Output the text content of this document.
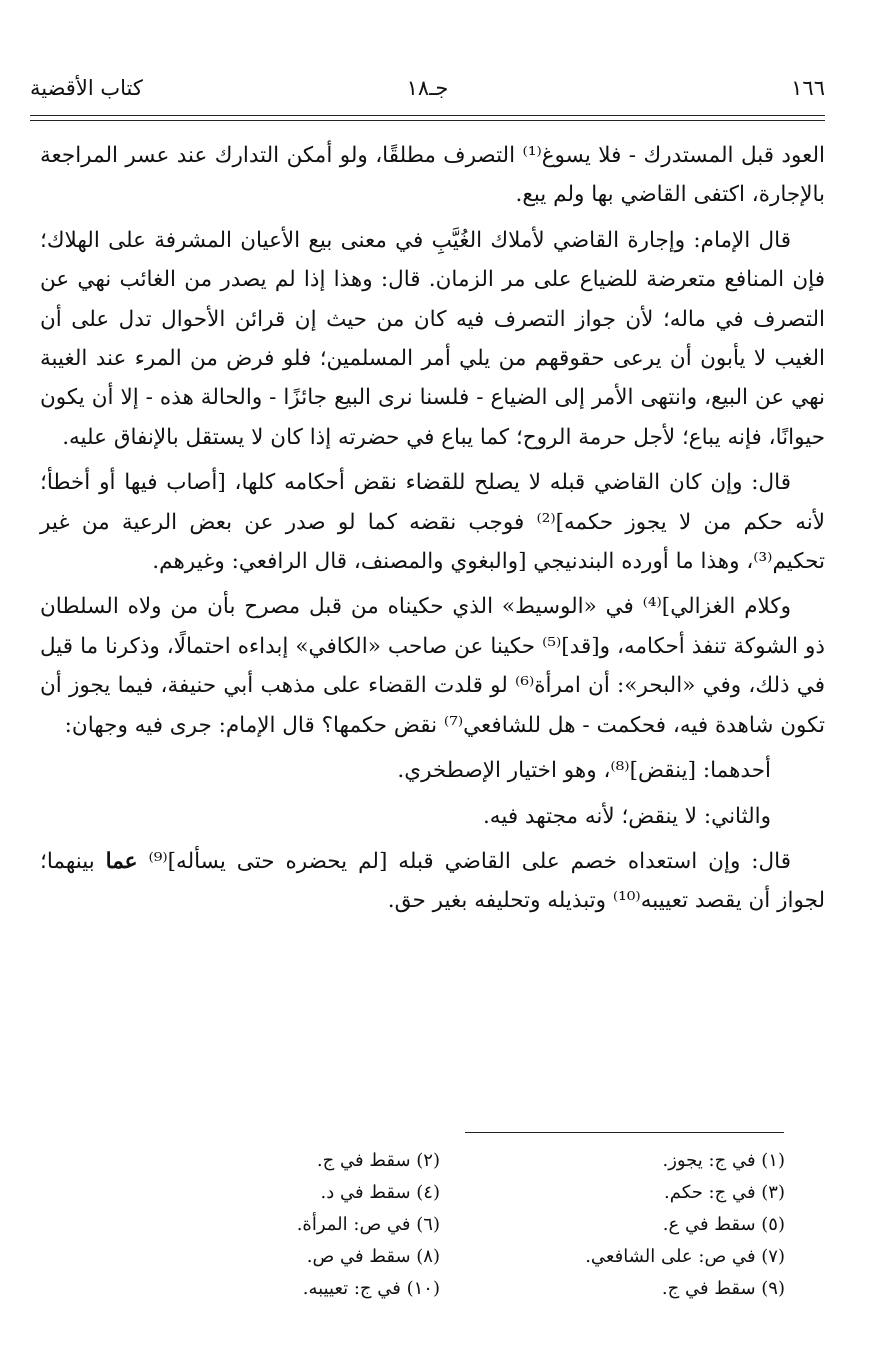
١٦٦
جـ١٨
كتاب الأقضية

العود قبل المستدرك - فلا يسوغ⁽¹⁾ التصرف مطلقًا، ولو أمكن التدارك عند عسر المراجعة بالإجارة، اكتفى القاضي بها ولم يبع.

قال الإمام: وإجارة القاضي لأملاك الغُيَّبِ في معنى بيع الأعيان المشرفة على الهلاك؛ فإن المنافع متعرضة للضياع على مر الزمان. قال: وهذا إذا لم يصدر من الغائب نهي عن التصرف في ماله؛ لأن جواز التصرف فيه كان من حيث إن قرائن الأحوال تدل على أن الغيب لا يأبون أن يرعى حقوقهم من يلي أمر المسلمين؛ فلو فرض من المرء عند الغيبة نهي عن البيع، وانتهى الأمر إلى الضياع - فلسنا نرى البيع جائزًا - والحالة هذه - إلا أن يكون حيوانًا، فإنه يباع؛ لأجل حرمة الروح؛ كما يباع في حضرته إذا كان لا يستقل بالإنفاق عليه.

قال: وإن كان القاضي قبله لا يصلح للقضاء نقض أحكامه كلها، [أصاب فيها أو أخطأ؛ لأنه حكم من لا يجوز حكمه]⁽²⁾ فوجب نقضه كما لو صدر عن بعض الرعية من غير تحكيم⁽³⁾، وهذا ما أورده البندنيجي [والبغوي والمصنف، قال الرافعي: وغيرهم.

وكلام الغزالي]⁽⁴⁾ في «الوسيط» الذي حكيناه من قبل مصرح بأن من ولاه السلطان ذو الشوكة تنفذ أحكامه، و[قد]⁽⁵⁾ حكينا عن صاحب «الكافي» إبداءه احتمالًا، وذكرنا ما قيل في ذلك، وفي «البحر»: أن امرأة⁽⁶⁾ لو قلدت القضاء على مذهب أبي حنيفة، فيما يجوز أن تكون شاهدة فيه، فحكمت - هل للشافعي⁽⁷⁾ نقض حكمها؟ قال الإمام: جرى فيه وجهان:

أحدهما: [ينقض]⁽⁸⁾، وهو اختيار الإصطخري.

والثاني: لا ينقض؛ لأنه مجتهد فيه.

قال: وإن استعداه خصم على القاضي قبله [لم يحضره حتى يسأله]⁽⁹⁾ عما بينهما؛ لجواز أن يقصد تعييبه⁽¹⁰⁾ وتبذيله وتحليفه بغير حق.

(١) في ج: يجوز.
(٢) سقط في ج.
(٣) في ج: حكم.
(٤) سقط في د.
(٥) سقط في ع.
(٦) في ص: المرأة.
(٧) في ص: على الشافعي.
(٨) سقط في ص.
(٩) سقط في ج.
(١٠) في ج: تعييبه.
